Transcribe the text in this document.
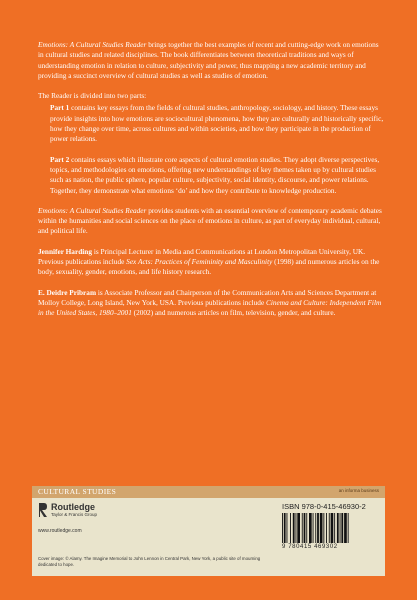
Emotions: A Cultural Studies Reader brings together the best examples of recent and cutting-edge work on emotions in cultural studies and related disciplines. The book differentiates between theoretical traditions and ways of understanding emotion in relation to culture, subjectivity and power, thus mapping a new academic territory and providing a succinct overview of cultural studies as well as studies of emotion.

The Reader is divided into two parts:

Part 1 contains key essays from the fields of cultural studies, anthropology, sociology, and history. These essays provide insights into how emotions are sociocultural phenomena, how they are culturally and historically specific, how they change over time, across cultures and within societies, and how they participate in the production of power relations.

Part 2 contains essays which illustrate core aspects of cultural emotion studies. They adopt diverse perspectives, topics, and methodologies on emotions, offering new understandings of key themes taken up by cultural studies such as nation, the public sphere, popular culture, subjectivity, social identity, discourse, and power relations. Together, they demonstrate what emotions ‘do’ and how they contribute to knowledge production.

Emotions: A Cultural Studies Reader provides students with an essential overview of contemporary academic debates within the humanities and social sciences on the place of emotions in culture, as part of everyday individual, cultural, and political life.

Jennifer Harding is Principal Lecturer in Media and Communications at London Metropolitan University, UK. Previous publications include Sex Acts: Practices of Femininity and Masculinity (1998) and numerous articles on the body, sexuality, gender, emotions, and life history research.

E. Deidre Pribram is Associate Professor and Chairperson of the Communication Arts and Sciences Department at Molloy College, Long Island, New York, USA. Previous publications include Cinema and Culture: Independent Film in the United States, 1980–2001 (2002) and numerous articles on film, television, gender, and culture.

CULTURAL STUDIES	an informa business
Routledge
Taylor & Francis Group
www.routledge.com
ISBN 978-0-415-46930-2
9 780415 469302
Cover image: © Alamy. The Imagine Memorial to John Lennon in Central Park, New York, a public site of mourning dedicated to hope.
